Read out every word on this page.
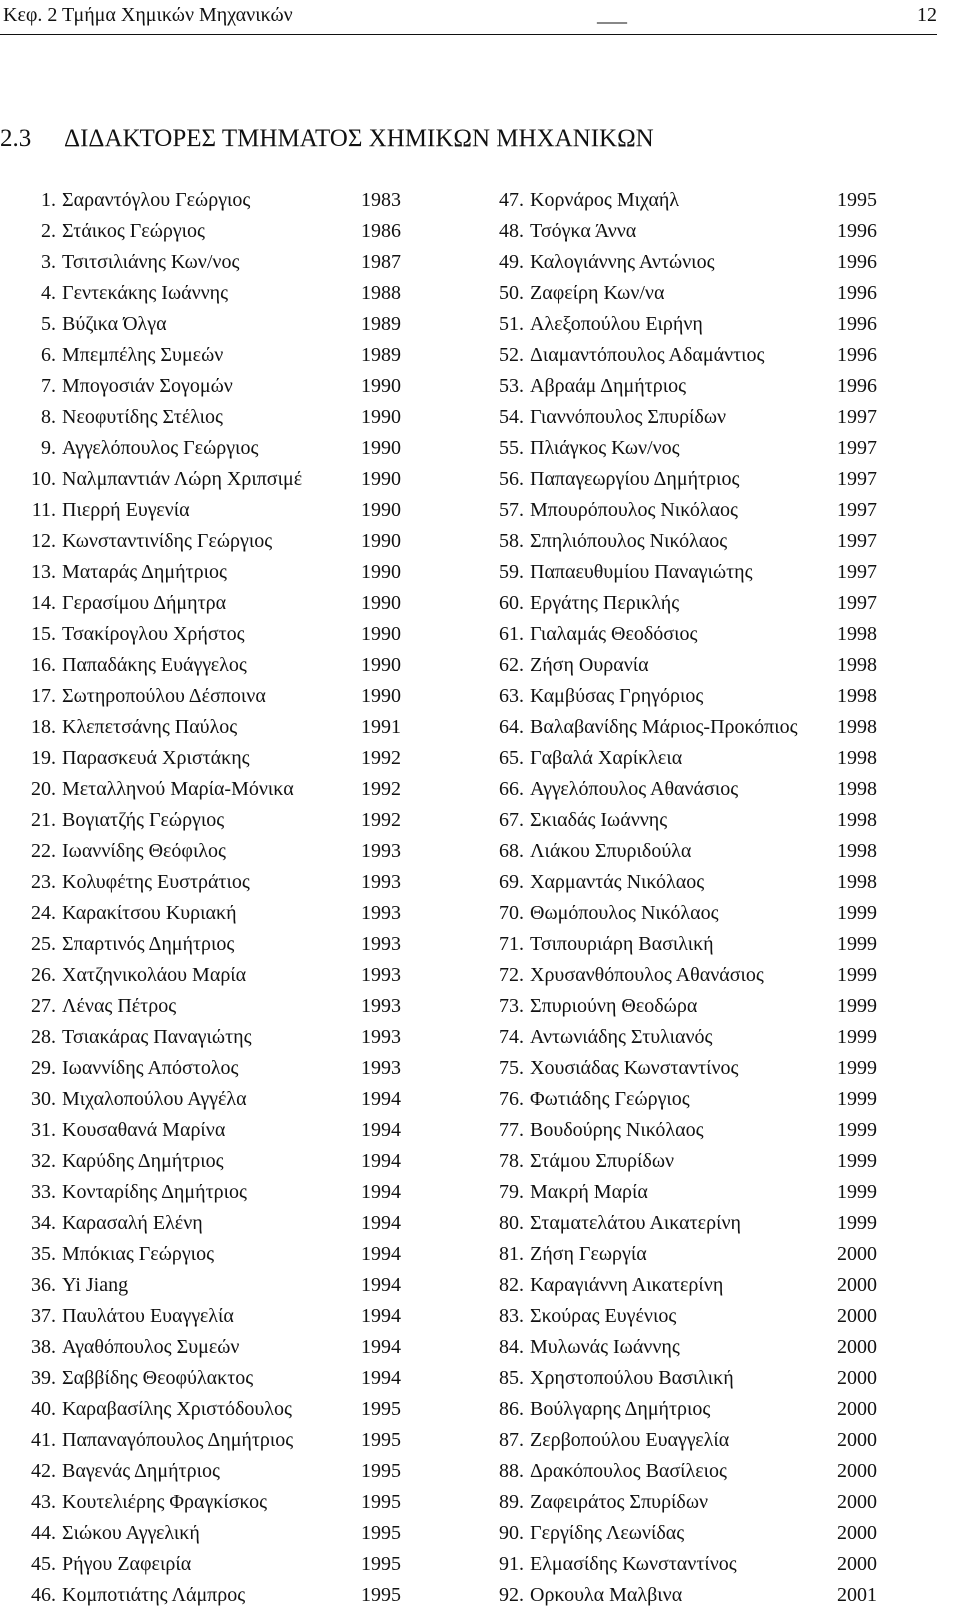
Κεφ. 2 Τμήμα Χημικών Μηχανικών	___	12
2.3 ΔΙΔΑΚΤΟΡΕΣ ΤΜΗΜΑΤΟΣ ΧΗΜΙΚΩΝ ΜΗΧΑΝΙΚΩΝ
1. Σαραντόγλου Γεώργιος	1983
2. Στάικος Γεώργιος	1986
3. Τσιτσιλιάνης Κων/νος	1987
4. Γεντεκάκης Ιωάννης	1988
5. Βύζικα Όλγα	1989
6. Μπεμπέλης Συμεών	1989
7. Μπογοσιάν Σογομών	1990
8. Νεοφυτίδης Στέλιος	1990
9. Αγγελόπουλος Γεώργιος	1990
10. Ναλμπαντιάν Λώρη Χριπσιμέ	1990
11. Πιερρή Ευγενία	1990
12. Κωνσταντινίδης Γεώργιος	1990
13. Ματαράς Δημήτριος	1990
14. Γερασίμου Δήμητρα	1990
15. Τσακίρογλου Χρήστος	1990
16. Παπαδάκης Ευάγγελος	1990
17. Σωτηροπούλου Δέσποινα	1990
18. Κλεπετσάνης Παύλος	1991
19. Παρασκευά Χριστάκης	1992
20. Μεταλληνού Μαρία-Μόνικα	1992
21. Βογιατζής Γεώργιος	1992
22. Ιωαννίδης Θεόφιλος	1993
23. Κολυφέτης Ευστράτιος	1993
24. Καρακίτσου Κυριακή	1993
25. Σπαρτινός Δημήτριος	1993
26. Χατζηνικολάου Μαρία	1993
27. Λένας Πέτρος	1993
28. Τσιακάρας Παναγιώτης	1993
29. Ιωαννίδης Απόστολος	1993
30. Μιχαλοπούλου Αγγέλα	1994
31. Κουσαθανά Μαρίνα	1994
32. Καρύδης Δημήτριος	1994
33. Κονταρίδης Δημήτριος	1994
34. Καρασαλή Ελένη	1994
35. Μπόκιας Γεώργιος	1994
36. Yi Jiang	1994
37. Παυλάτου Ευαγγελία	1994
38. Αγαθόπουλος Συμεών	1994
39. Σαββίδης Θεοφύλακτος	1994
40. Καραβασίλης Χριστόδουλος	1995
41. Παπαναγόπουλος Δημήτριος	1995
42. Βαγενάς Δημήτριος	1995
43. Κουτελιέρης Φραγκίσκος	1995
44. Σιώκου Αγγελική	1995
45. Ρήγου Ζαφειρία	1995
46. Κομποτιάτης Λάμπρος	1995
47. Κορνάρος Μιχαήλ	1995
48. Τσόγκα Άννα	1996
49. Καλογιάννης Αντώνιος	1996
50. Ζαφείρη Κων/να	1996
51. Αλεξοπούλου Ειρήνη	1996
52. Διαμαντόπουλος Αδαμάντιος	1996
53. Αβραάμ Δημήτριος	1996
54. Γιαννόπουλος Σπυρίδων	1997
55. Πλιάγκος Κων/νος	1997
56. Παπαγεωργίου Δημήτριος	1997
57. Μπουρόπουλος Νικόλαος	1997
58. Σπηλιόπουλος Νικόλαος	1997
59. Παπαευθυμίου Παναγιώτης	1997
60. Εργάτης Περικλής	1997
61. Γιαλαμάς Θεοδόσιος	1998
62. Ζήση Ουρανία	1998
63. Καμβύσας Γρηγόριος	1998
64. Βαλαβανίδης Μάριος-Προκόπιος 1998
65. Γαβαλά Χαρίκλεια	1998
66. Αγγελόπουλος Αθανάσιος	1998
67. Σκιαδάς Ιωάννης	1998
68. Λιάκου Σπυριδούλα	1998
69. Χαρμαντάς Νικόλαος	1998
70. Θωμόπουλος Νικόλαος	1999
71. Τσιπουριάρη Βασιλική	1999
72. Χρυσανθόπουλος Αθανάσιος	1999
73. Σπυριούνη Θεοδώρα	1999
74. Αντωνιάδης Στυλιανός	1999
75. Χουσιάδας Κωνσταντίνος	1999
76. Φωτιάδης Γεώργιος	1999
77. Βουδούρης Νικόλαος	1999
78. Στάμου Σπυρίδων	1999
79. Μακρή Μαρία	1999
80. Σταματελάτου Αικατερίνη	1999
81. Ζήση Γεωργία	2000
82. Καραγιάννη Αικατερίνη	2000
83. Σκούρας Ευγένιος	2000
84. Μυλωνάς Ιωάννης	2000
85. Χρηστοπούλου Βασιλική	2000
86. Βούλγαρης Δημήτριος	2000
87. Ζερβοπούλου Ευαγγελία	2000
88. Δρακόπουλος Βασίλειος	2000
89. Ζαφειράτος Σπυρίδων	2000
90. Γεργίδης Λεωνίδας	2000
91. Ελμασίδης Κωνσταντίνος	2000
92. Ορκουλα Μαλβινα	2001
